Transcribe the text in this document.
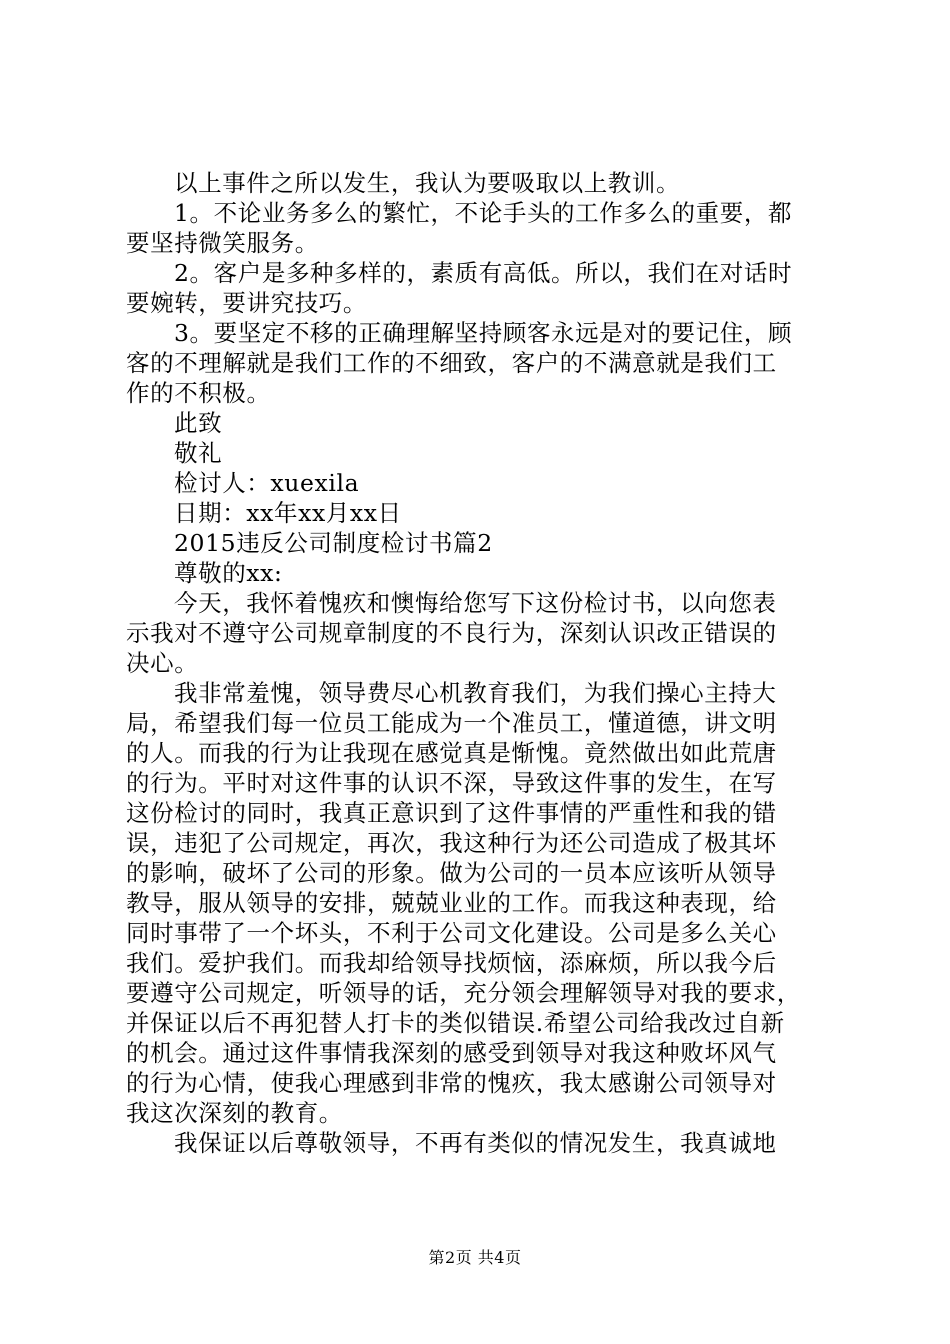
以上事件之所以发生，我认为要吸取以上教训。
1。不论业务多么的繁忙，不论手头的工作多么的重要，都
要坚持微笑服务。
2。客户是多种多样的，素质有高低。所以，我们在对话时
要婉转，要讲究技巧。
3。要坚定不移的正确理解坚持顾客永远是对的要记住，顾
客的不理解就是我们工作的不细致，客户的不满意就是我们工
作的不积极。
此致
敬礼
检讨人：xuexila
日期：xx年xx月xx日
2015违反公司制度检讨书篇2
尊敬的xx:
今天，我怀着愧疚和懊悔给您写下这份检讨书，以向您表
示我对不遵守公司规章制度的不良行为，深刻认识改正错误的
决心。
我非常羞愧，领导费尽心机教育我们，为我们操心主持大
局，希望我们每一位员工能成为一个准员工，懂道德，讲文明
的人。而我的行为让我现在感觉真是惭愧。竟然做出如此荒唐
的行为。平时对这件事的认识不深，导致这件事的发生，在写
这份检讨的同时，我真正意识到了这件事情的严重性和我的错
误，违犯了公司规定，再次，我这种行为还公司造成了极其坏
的影响，破坏了公司的形象。做为公司的一员本应该听从领导
教导，服从领导的安排，兢兢业业的工作。而我这种表现，给
同时事带了一个坏头，不利于公司文化建设。公司是多么关心
我们。爱护我们。而我却给领导找烦恼，添麻烦，所以我今后
要遵守公司规定，听领导的话，充分领会理解领导对我的要求，
并保证以后不再犯替人打卡的类似错误.希望公司给我改过自新
的机会。通过这件事情我深刻的感受到领导对我这种败坏风气
的行为心情，使我心理感到非常的愧疚，我太感谢公司领导对
我这次深刻的教育。
我保证以后尊敬领导，不再有类似的情况发生，我真诚地
第2页 共4页
